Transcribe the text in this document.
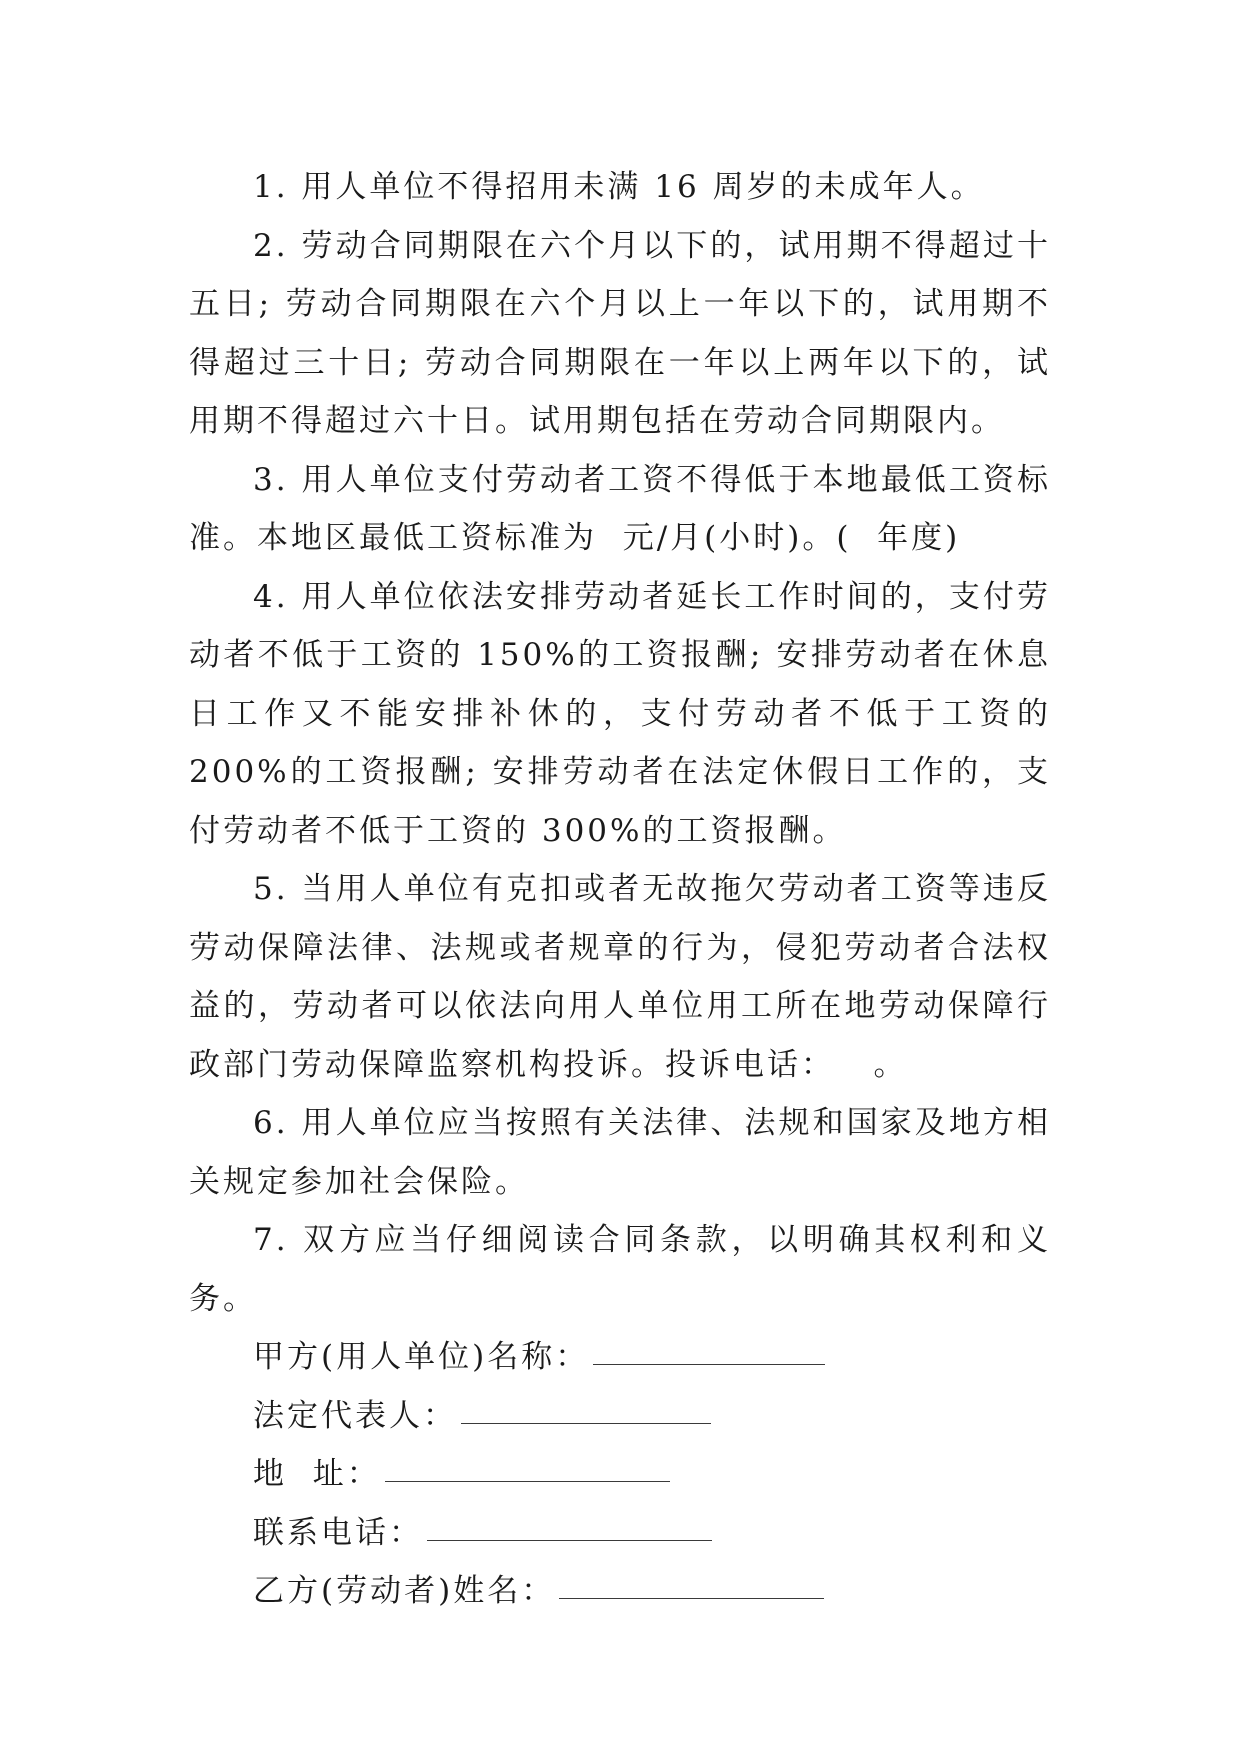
1. 用人单位不得招用未满 16 周岁的未成年人。

2. 劳动合同期限在六个月以下的，试用期不得超过十五日; 劳动合同期限在六个月以上一年以下的，试用期不得超过三十日; 劳动合同期限在一年以上两年以下的，试用期不得超过六十日。试用期包括在劳动合同期限内。

3. 用人单位支付劳动者工资不得低于本地最低工资标准。本地区最低工资标准为  元/月(小时)。(  年度)

4. 用人单位依法安排劳动者延长工作时间的，支付劳动者不低于工资的 150%的工资报酬; 安排劳动者在休息日工作又不能安排补休的，支付劳动者不低于工资的 200%的工资报酬; 安排劳动者在法定休假日工作的，支付劳动者不低于工资的 300%的工资报酬。

5. 当用人单位有克扣或者无故拖欠劳动者工资等违反劳动保障法律、法规或者规章的行为，侵犯劳动者合法权益的，劳动者可以依法向用人单位用工所在地劳动保障行政部门劳动保障监察机构投诉。投诉电话：   。

6. 用人单位应当按照有关法律、法规和国家及地方相关规定参加社会保险。

7. 双方应当仔细阅读合同条款，以明确其权利和义务。

甲方(用人单位)名称：
法定代表人：
地  址：
联系电话：
乙方(劳动者)姓名：
